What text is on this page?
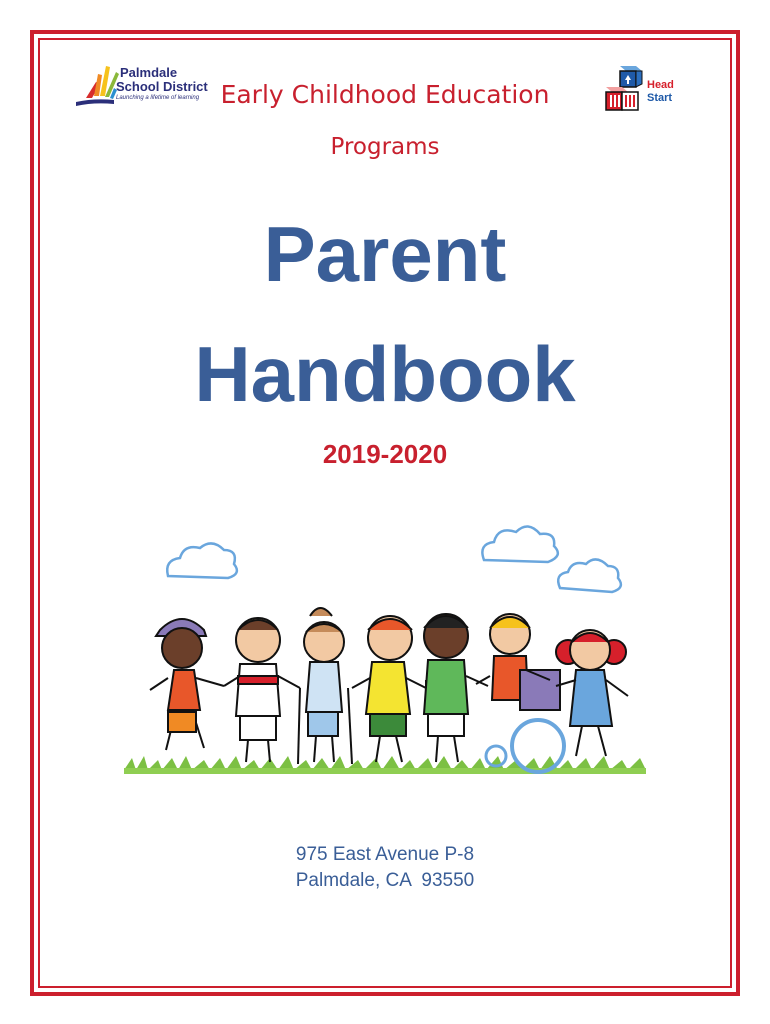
Palmdale
School District
Launching a lifetime of learning
Head
Start
Early Childhood Education
Programs
Parent
Handbook
2019-2020
975 East Avenue P-8
Palmdale, CA  93550
